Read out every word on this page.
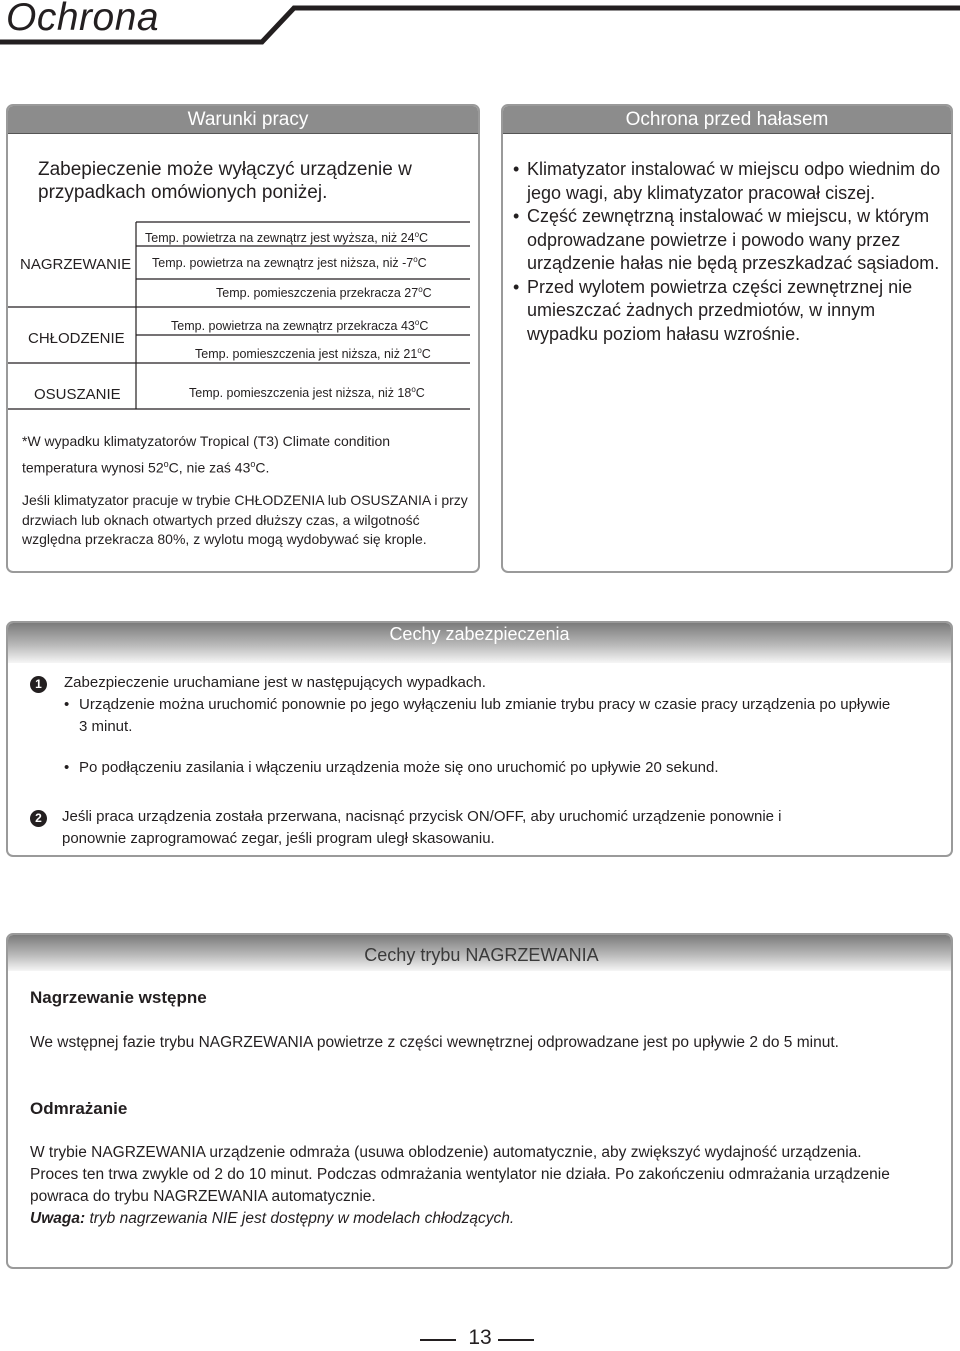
Ochrona
Warunki pracy

Zabepieczenie może wyłączyć urządzenie w przypadkach omówionych poniżej.

NAGRZEWANIE
CHŁODZENIE
OSUSZANIE
Temp. powietrza na zewnątrz jest wyższa, niż 24$^o$C
Temp. powietrza na zewnątrz jest niższa, niż -7$^o$C
Temp. pomieszczenia przekracza 27$^o$C
Temp. powietrza na zewnątrz przekracza 43$^o$C
Temp. pomieszczenia jest niższa, niż 21$^o$C
Temp. pomieszczenia jest niższa, niż 18$^o$C
*W wypadku klimatyzatorów Tropical (T3) Climate condition
temperatura wynosi 52$^o$C, nie zaś 43$^o$C.

Jeśli klimatyzator pracuje w trybie CHŁODZENIA lub OSUSZANIA i przy drzwiach lub oknach otwartych przed dłuższy czas, a wilgotność względna przekracza 80%, z wylotu mogą wydobywać się krople.

Ochrona przed hałasem
• Klimatyzator instalować w miejscu odpo wiednim do jego wagi, aby klimatyzator pracował ciszej.
• Część zewnętrzną instalować w miejscu, w którym odprowadzane powietrze i powodo wany przez urządzenie hałas nie będą przeszkadzać sąsiadom.
• Przed wylotem powietrza części zewnętrznej nie umieszczać żadnych przedmiotów, w innym wypadku poziom hałasu wzrośnie.
Cechy zabezpieczenia
1	Zabezpieczenie uruchamiane jest w następujących wypadkach.

• Urządzenie można uruchomić ponownie po jego wyłączeniu lub zmianie trybu pracy w czasie pracy urządzenia po upływie 3 minut.
• Po podłączeniu zasilania i włączeniu urządzenia może się ono uruchomić po upływie 20 sekund.
2	Jeśli praca urządzenia została przerwana, nacisnąć przycisk ON/OFF, aby uruchomić urządzenie ponownie i ponownie zaprogramować zegar, jeśli program uległ skasowaniu.

Cechy trybu NAGRZEWANIA
Nagrzewanie wstępne

We wstępnej fazie trybu NAGRZEWANIA powietrze z części wewnętrznej odprowadzane jest po upływie 2 do 5 minut.

Odmrażanie

W trybie NAGRZEWANIA urządzenie odmraża (usuwa oblodzenie) automatycznie, aby zwiększyć wydajność urządzenia. Proces ten trwa zwykle od 2 do 10 minut. Podczas odmrażania wentylator nie działa. Po zakończeniu odmrażania urządzenie powraca do trybu NAGRZEWANIA automatycznie.

Uwaga: tryb nagrzewania NIE jest dostępny w modelach chłodzących.

13
